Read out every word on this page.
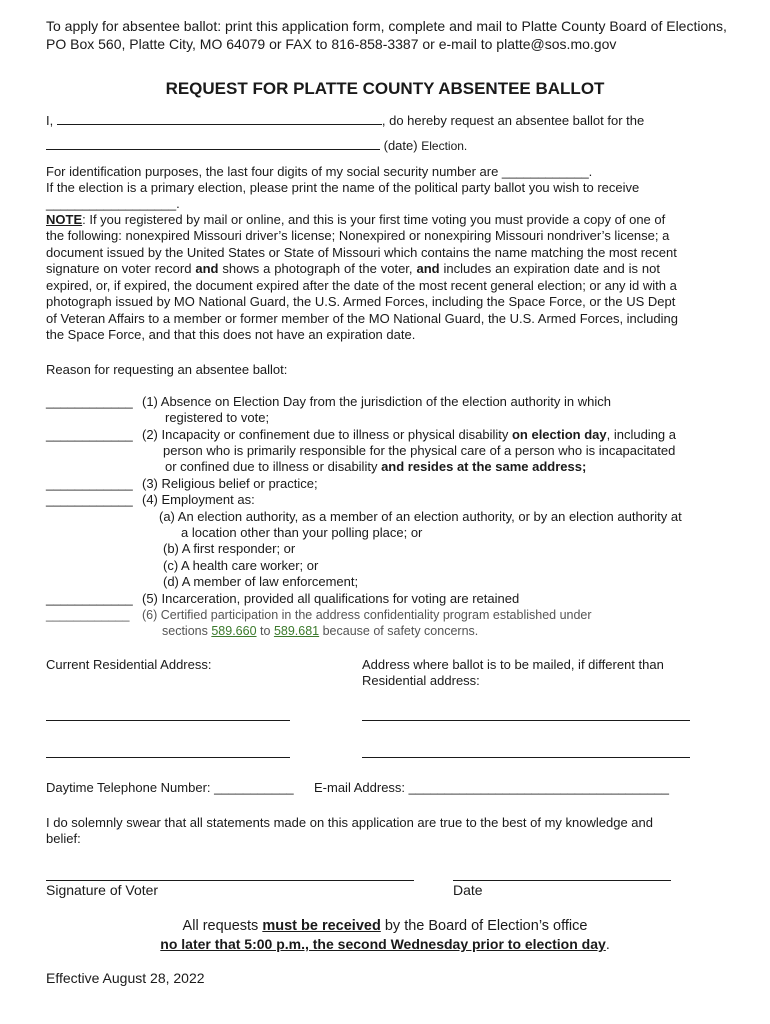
To apply for absentee ballot: print this application form, complete and mail to Platte County Board of Elections,

PO Box 560, Platte City, MO 64079 or FAX to 816-858-3387 or e-mail to platte@sos.mo.gov

REQUEST FOR PLATTE COUNTY ABSENTEE BALLOT

I,	, do hereby request an absentee ballot for the

(date) Election.

For identification purposes, the last four digits of my social security number are ____________.

If the election is a primary election, please print the name of the political party ballot you wish to receive

__________________.

NOTE: If you registered by mail or online, and this is your first time voting you must provide a copy of one of

the following: nonexpired Missouri driver’s license; Nonexpired or nonexpiring Missouri nondriver’s license; a

document issued by the United States or State of Missouri which contains the name matching the most recent

signature on voter record and shows a photograph of the voter, and includes an expiration date and is not

expired, or, if expired, the document expired after the date of the most recent general election; or any id with a

photograph issued by MO National Guard, the U.S. Armed Forces, including the Space Force, or the US Dept

of Veteran Affairs to a member or former member of the MO National Guard, the U.S. Armed Forces, including

the Space Force, and that this does not have an expiration date.

Reason for requesting an absentee ballot:

____________ (1) Absence on Election Day from the jurisdiction of the election authority in which

registered to vote;

____________ (2) Incapacity or confinement due to illness or physical disability on election day, including a

person who is primarily responsible for the physical care of a person who is incapacitated

or confined due to illness or disability and resides at the same address;

____________ (3) Religious belief or practice;

____________ (4) Employment as:

(a) An election authority, as a member of an election authority, or by an election authority at

a location other than your polling place; or

(b) A first responder; or

(c) A health care worker; or

(d) A member of law enforcement;

____________ (5) Incarceration, provided all qualifications for voting are retained

____________ (6) Certified participation in the address confidentiality program established under

sections 589.660 to 589.681 because of safety concerns.

Current Residential Address:	Address where ballot is to be mailed, if different than

Residential address:

Daytime Telephone Number: ___________ E-mail Address: ____________________________________

I do solemnly swear that all statements made on this application are true to the best of my knowledge and

belief:

Signature of Voter	Date

All requests must be received by the Board of Election’s office

no later that 5:00 p.m., the second Wednesday prior to election day.

Effective August 28, 2022
